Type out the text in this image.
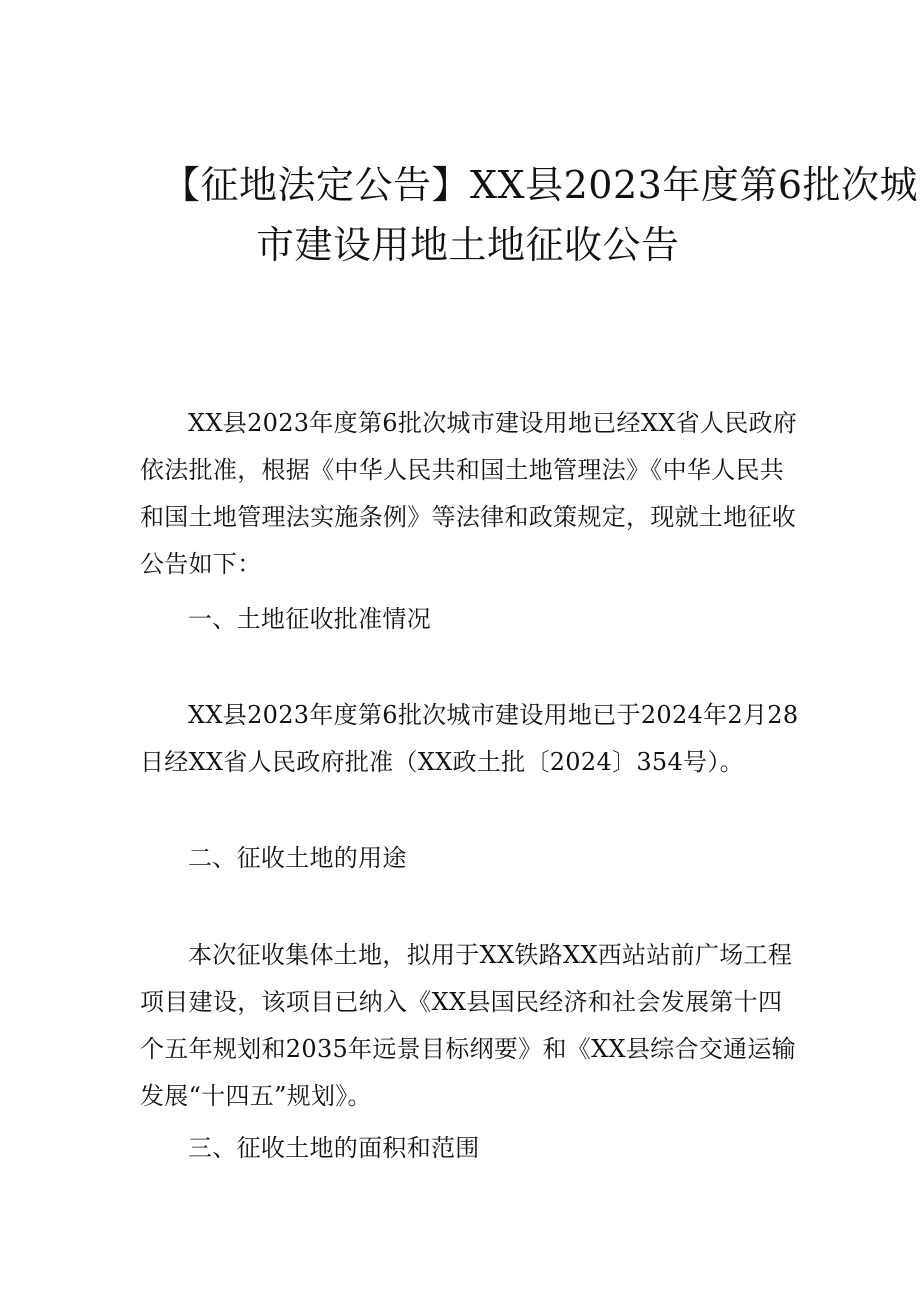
【征地法定公告】XX县2023年度第6批次城
市建设用地土地征收公告

XX县2023年度第6批次城市建设用地已经XX省人民政府依法批准，根据《中华人民共和国土地管理法》《中华人民共和国土地管理法实施条例》等法律和政策规定，现就土地征收公告如下：

一、土地征收批准情况

XX县2023年度第6批次城市建设用地已于2024年2月28日经XX省人民政府批准（XX政土批〔2024〕354号）。

二、征收土地的用途

本次征收集体土地，拟用于XX铁路XX西站站前广场工程项目建设，该项目已纳入《XX县国民经济和社会发展第十四个五年规划和2035年远景目标纲要》和《XX县综合交通运输发展“十四五”规划》。

三、征收土地的面积和范围
